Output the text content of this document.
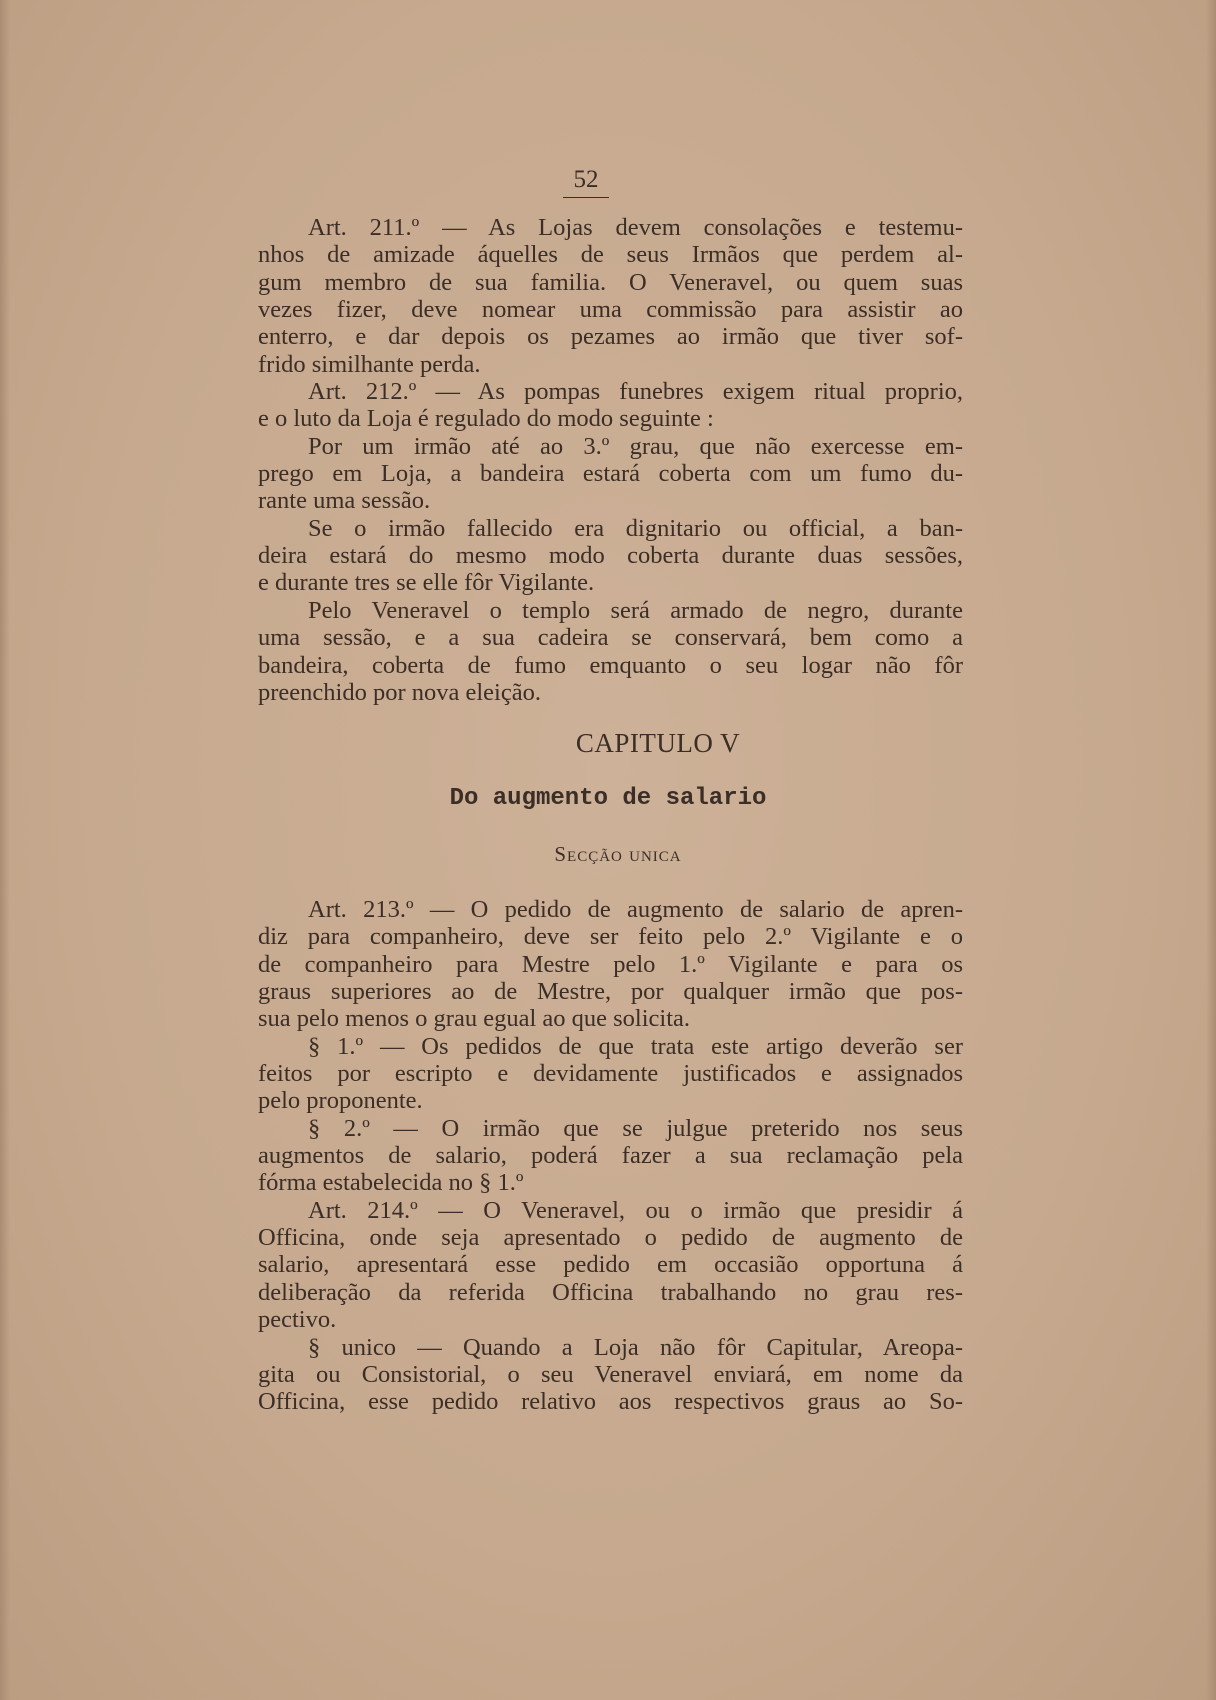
52
Art. 211.º — As Lojas devem consolações e testemu-
nhos de amizade áquelles de seus Irmãos que perdem al-
gum membro de sua familia. O Veneravel, ou quem suas
vezes fizer, deve nomear uma commissão para assistir ao
enterro, e dar depois os pezames ao irmão que tiver sof-
frido similhante perda.
Art. 212.º — As pompas funebres exigem ritual proprio,
e o luto da Loja é regulado do modo seguinte :
Por um irmão até ao 3.º grau, que não exercesse em-
prego em Loja, a bandeira estará coberta com um fumo du-
rante uma sessão.
Se o irmão fallecido era dignitario ou official, a ban-
deira estará do mesmo modo coberta durante duas sessões,
e durante tres se elle fôr Vigilante.
Pelo Veneravel o templo será armado de negro, durante
uma sessão, e a sua cadeira se conservará, bem como a
bandeira, coberta de fumo emquanto o seu logar não fôr
preenchido por nova eleição.
CAPITULO V
Do augmento de salario
Secção unica
Art. 213.º — O pedido de augmento de salario de apren-
diz para companheiro, deve ser feito pelo 2.º Vigilante e o
de companheiro para Mestre pelo 1.º Vigilante e para os
graus superiores ao de Mestre, por qualquer irmão que pos-
sua pelo menos o grau egual ao que solicita.
§ 1.º — Os pedidos de que trata este artigo deverão ser
feitos por escripto e devidamente justificados e assignados
pelo proponente.
§ 2.º — O irmão que se julgue preterido nos seus
augmentos de salario, poderá fazer a sua reclamação pela
fórma estabelecida no § 1.º
Art. 214.º — O Veneravel, ou o irmão que presidir á
Officina, onde seja apresentado o pedido de augmento de
salario, apresentará esse pedido em occasião opportuna á
deliberação da referida Officina trabalhando no grau res-
pectivo.
§ unico — Quando a Loja não fôr Capitular, Areopa-
gita ou Consistorial, o seu Veneravel enviará, em nome da
Officina, esse pedido relativo aos respectivos graus ao So-
